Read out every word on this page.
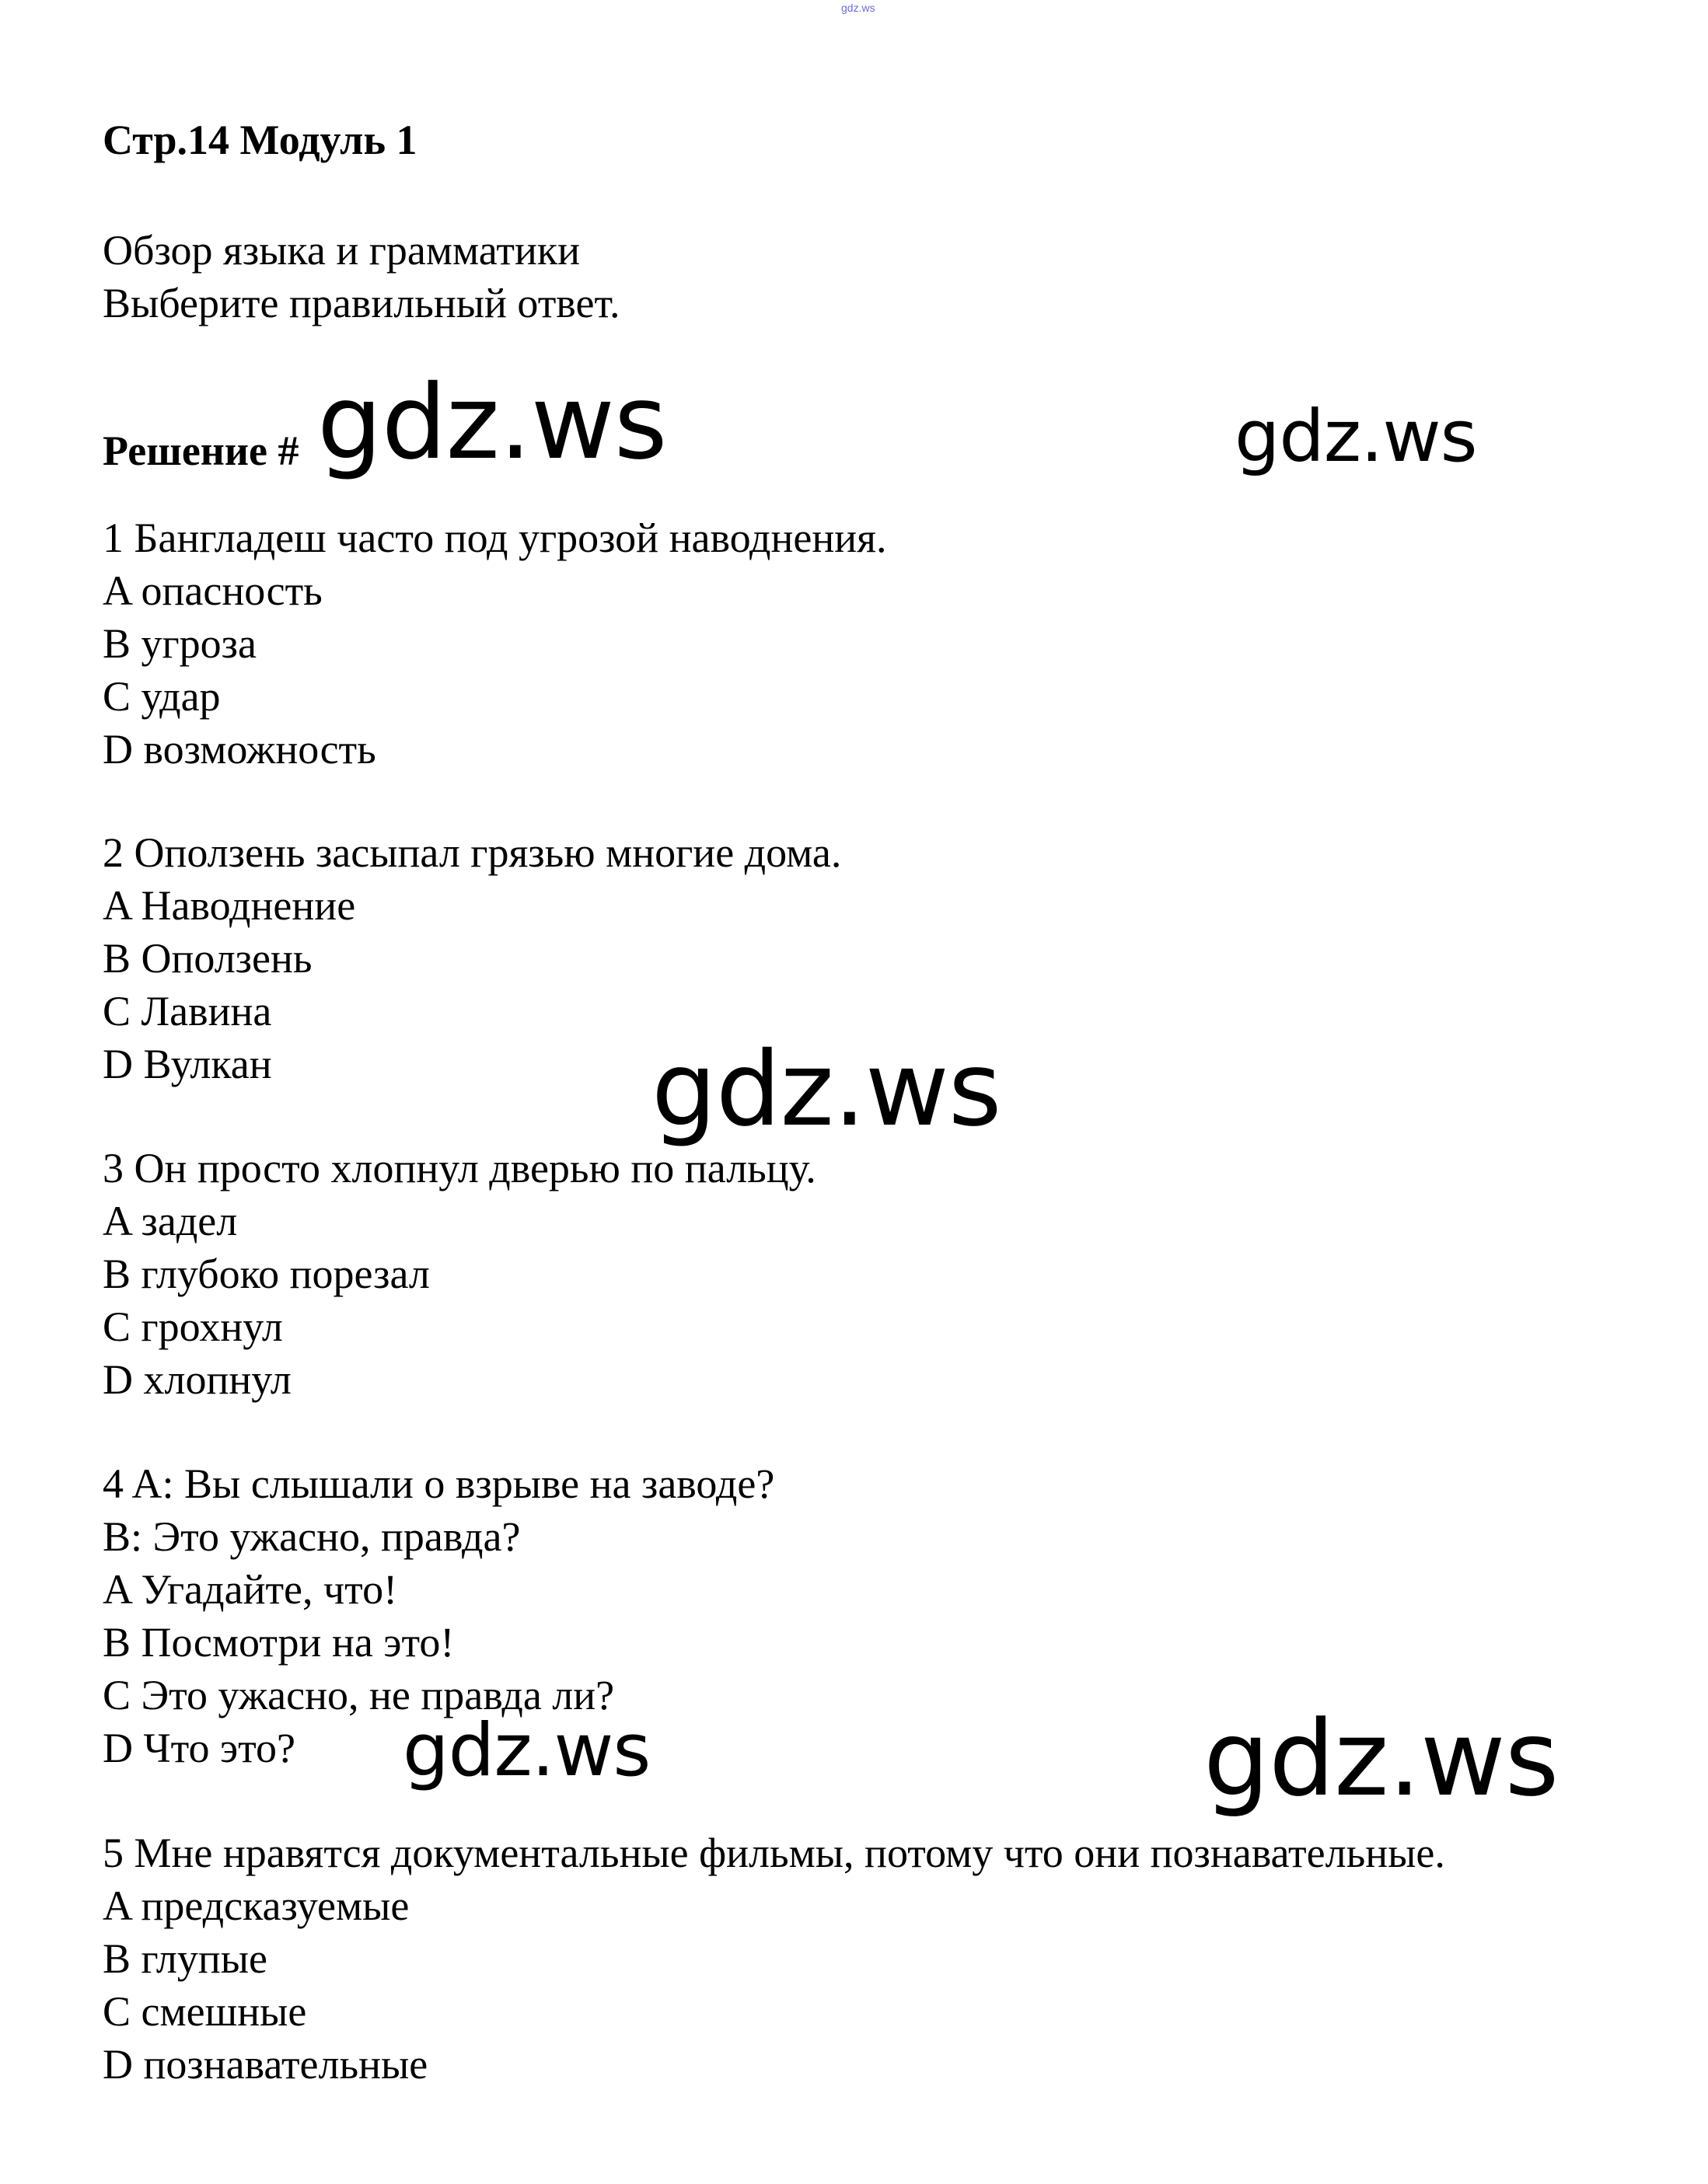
gdz.ws
Стр.14 Модуль 1
Обзор языка и грамматики
Выберите правильный ответ.
Решение #
1 Бангладеш часто под угрозой наводнения.
A опасность
B угроза
C удар
D возможность
2 Оползень засыпал грязью многие дома.
A Наводнение
B Оползень
C Лавина
D Вулкан
3 Он просто хлопнул дверью по пальцу.
A задел
B глубоко порезал
C грохнул
D хлопнул
4 A: Вы слышали о взрыве на заводе?
B: Это ужасно, правда?
A Угадайте, что!
B Посмотри на это!
C Это ужасно, не правда ли?
D Что это?
5 Мне нравятся документальные фильмы, потому что они познавательные.
A предсказуемые
B глупые
C смешные
D познавательные
gdz.ws	gdz.ws
gdz.ws
gdz.ws	gdz.ws
